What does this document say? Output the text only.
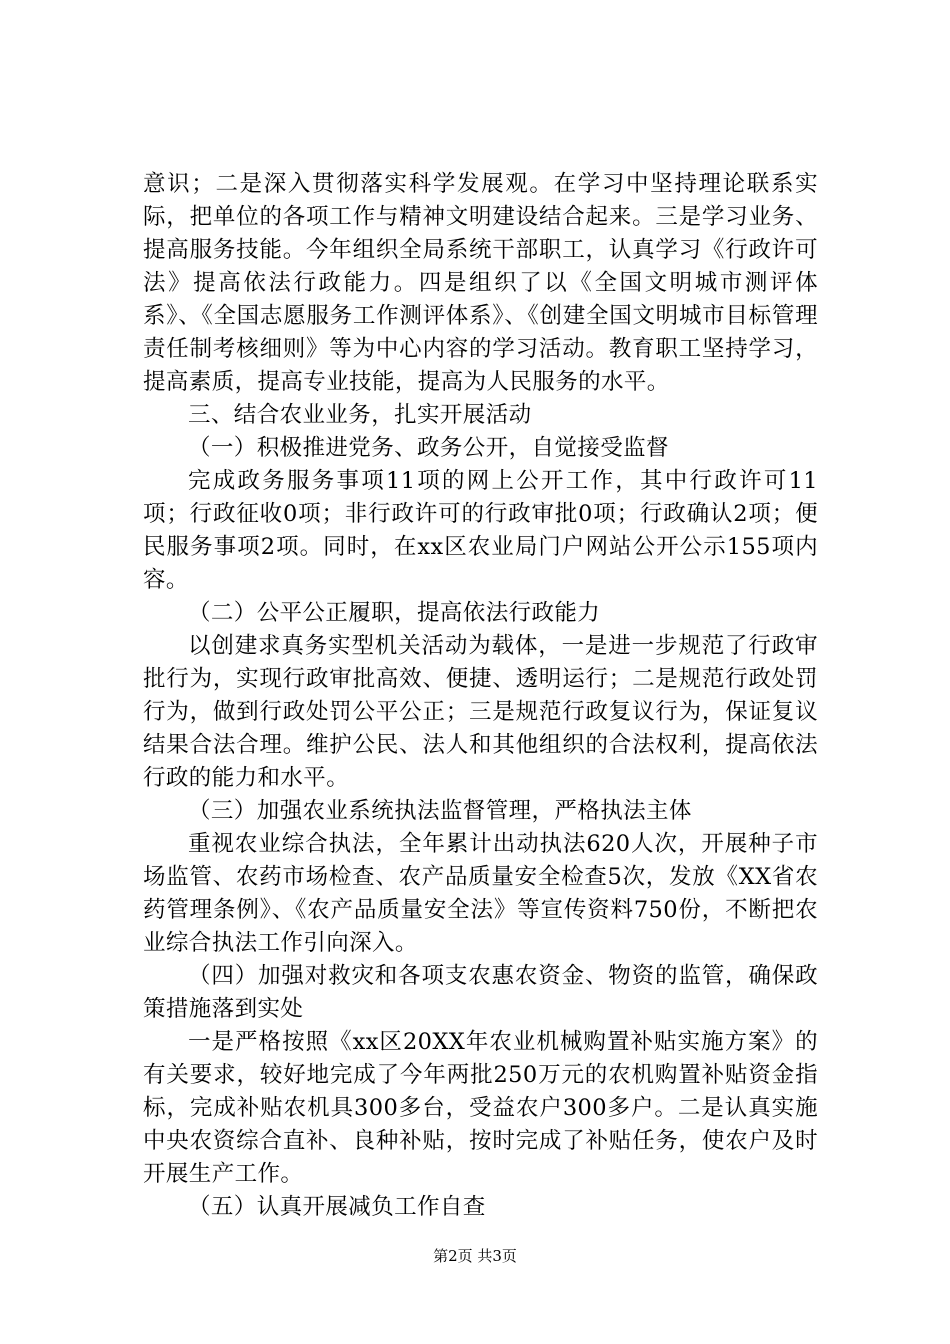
意识；二是深入贯彻落实科学发展观。在学习中坚持理论联系实际，把单位的各项工作与精神文明建设结合起来。三是学习业务、提高服务技能。今年组织全局系统干部职工，认真学习《行政许可法》提高依法行政能力。四是组织了以《全国文明城市测评体系》、《全国志愿服务工作测评体系》、《创建全国文明城市目标管理责任制考核细则》等为中心内容的学习活动。教育职工坚持学习，提高素质，提高专业技能，提高为人民服务的水平。

三、结合农业业务，扎实开展活动

（一）积极推进党务、政务公开，自觉接受监督

完成政务服务事项11项的网上公开工作，其中行政许可11项；行政征收0项；非行政许可的行政审批0项；行政确认2项；便民服务事项2项。同时，在xx区农业局门户网站公开公示155项内容。

（二）公平公正履职，提高依法行政能力

以创建求真务实型机关活动为载体，一是进一步规范了行政审批行为，实现行政审批高效、便捷、透明运行；二是规范行政处罚行为，做到行政处罚公平公正；三是规范行政复议行为，保证复议结果合法合理。维护公民、法人和其他组织的合法权利，提高依法行政的能力和水平。

（三）加强农业系统执法监督管理，严格执法主体

重视农业综合执法，全年累计出动执法620人次，开展种子市场监管、农药市场检查、农产品质量安全检查5次，发放《XX省农药管理条例》、《农产品质量安全法》等宣传资料750份，不断把农业综合执法工作引向深入。

（四）加强对救灾和各项支农惠农资金、物资的监管，确保政策措施落到实处

一是严格按照《xx区20XX年农业机械购置补贴实施方案》的有关要求，较好地完成了今年两批250万元的农机购置补贴资金指标，完成补贴农机具300多台，受益农户300多户。二是认真实施中央农资综合直补、良种补贴，按时完成了补贴任务，使农户及时开展生产工作。

（五）认真开展减负工作自查

第2页 共3页
